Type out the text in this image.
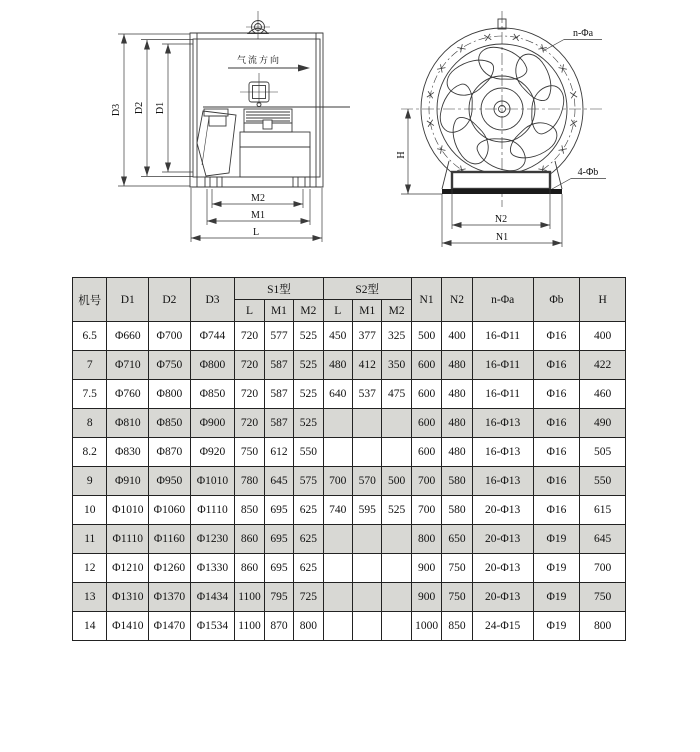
气流方向
D3 D2 D1
M2
M1
L
n-Φa
4-Φb
H
N2
N1
机号	D1	D2	D3	S1型			S2型			N1	N2	n-Φa	Φb	H
				L	M1	M2	L	M1	M2					
6.5	Φ660	Φ700	Φ744	720	577	525	450	377	325	500	400	16-Φ11	Φ16	400
7	Φ710	Φ750	Φ800	720	587	525	480	412	350	600	480	16-Φ11	Φ16	422
7.5	Φ760	Φ800	Φ850	720	587	525	640	537	475	600	480	16-Φ11	Φ16	460
8	Φ810	Φ850	Φ900	720	587	525				600	480	16-Φ13	Φ16	490
8.2	Φ830	Φ870	Φ920	750	612	550				600	480	16-Φ13	Φ16	505
9	Φ910	Φ950	Φ1010	780	645	575	700	570	500	700	580	16-Φ13	Φ16	550
10	Φ1010	Φ1060	Φ1110	850	695	625	740	595	525	700	580	20-Φ13	Φ16	615
11	Φ1110	Φ1160	Φ1230	860	695	625				800	650	20-Φ13	Φ19	645
12	Φ1210	Φ1260	Φ1330	860	695	625				900	750	20-Φ13	Φ19	700
13	Φ1310	Φ1370	Φ1434	1100	795	725				900	750	20-Φ13	Φ19	750
14	Φ1410	Φ1470	Φ1534	1100	870	800				1000	850	24-Φ15	Φ19	800
